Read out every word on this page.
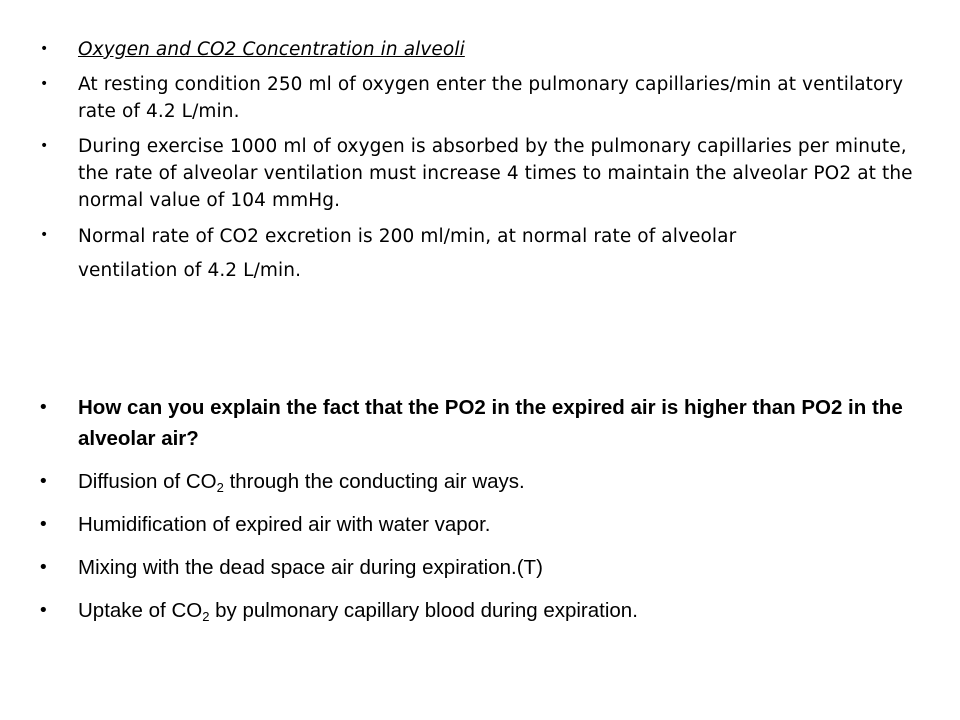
• Oxygen and CO2 Concentration in alveoli
• At resting condition 250 ml of oxygen enter the pulmonary capillaries/min at ventilatory rate of 4.2 L/min.
• During exercise 1000 ml of oxygen is absorbed by the pulmonary capillaries per minute, the rate of alveolar ventilation must increase 4 times to maintain the alveolar PO2 at the normal value of 104 mmHg.
• Normal rate of CO2 excretion is 200 ml/min, at normal rate of alveolar
ventilation of 4.2 L/min.
• How can you explain the fact that the PO2 in the expired air is higher than PO2 in the alveolar air?
• Diffusion of $CO_2$ through the conducting air ways.
• Humidification of expired air with water vapor.
• Mixing with the dead space air during expiration.(T)
• Uptake of $CO_2$ by pulmonary capillary blood during expiration.
